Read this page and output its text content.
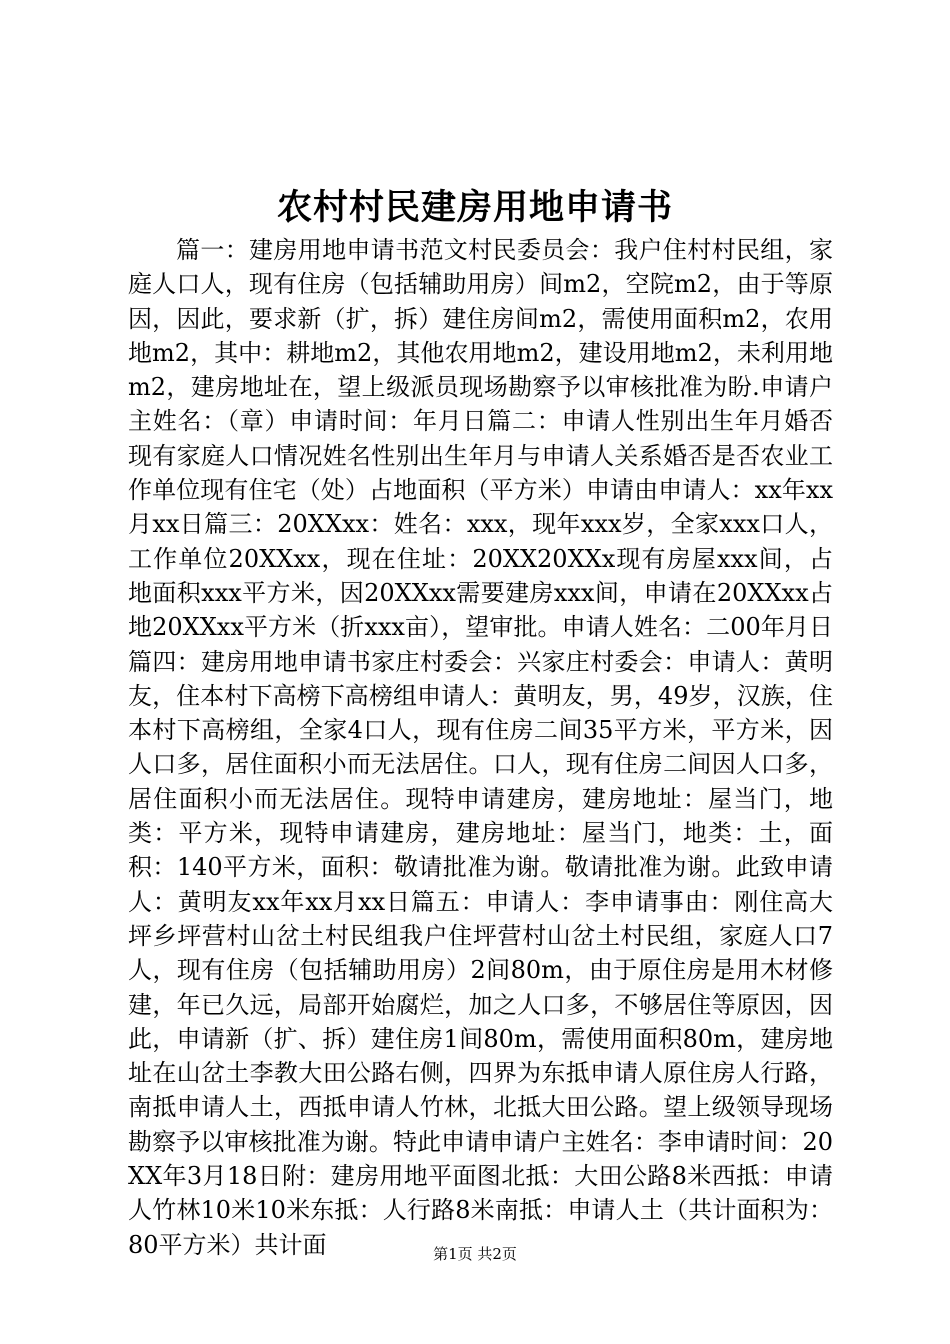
农村村民建房用地申请书

篇一：建房用地申请书范文村民委员会：我户住村村民组，家庭人口人，现有住房（包括辅助用房）间m2，空院m2，由于等原因，因此，要求新（扩，拆）建住房间m2，需使用面积m2，农用地m2，其中：耕地m2，其他农用地m2，建设用地m2，未利用地m2，建房地址在，望上级派员现场勘察予以审核批准为盼.申请户主姓名：（章）申请时间：年月日篇二：申请人性别出生年月婚否现有家庭人口情况姓名性别出生年月与申请人关系婚否是否农业工作单位现有住宅（处）占地面积（平方米）申请由申请人：xx年xx月xx日篇三：20XXxx：姓名：xxx，现年xxx岁，全家xxx口人，工作单位20XXxx，现在住址：20XX20XXx现有房屋xxx间，占地面积xxx平方米，因20XXxx需要建房xxx间，申请在20XXxx占地20XXxx平方米（折xxx亩），望审批。申请人姓名：二00年月日篇四：建房用地申请书家庄村委会：兴家庄村委会：申请人：黄明友，住本村下高榜下高榜组申请人：黄明友，男，49岁，汉族，住本村下高榜组，全家4口人，现有住房二间35平方米，平方米，因人口多，居住面积小而无法居住。口人，现有住房二间因人口多，居住面积小而无法居住。现特申请建房，建房地址：屋当门，地类：平方米，现特申请建房，建房地址：屋当门，地类：土，面积：140平方米，面积：敬请批准为谢。敬请批准为谢。此致申请人：黄明友xx年xx月xx日篇五：申请人：李申请事由：刚住高大坪乡坪营村山岔土村民组我户住坪营村山岔土村民组，家庭人口7人，现有住房（包括辅助用房）2间80m，由于原住房是用木材修建，年已久远，局部开始腐烂，加之人口多，不够居住等原因，因此，申请新（扩、拆）建住房1间80m，需使用面积80m，建房地址在山岔土李教大田公路右侧，四界为东抵申请人原住房人行路，南抵申请人土，西抵申请人竹林，北抵大田公路。望上级领导现场勘察予以审核批准为谢。特此申请申请户主姓名：李申请时间：20XX年3月18日附：建房用地平面图北抵：大田公路8米西抵：申请人竹林10米10米东抵：人行路8米南抵：申请人土（共计面积为：80平方米）共计面	第1页 共2页
